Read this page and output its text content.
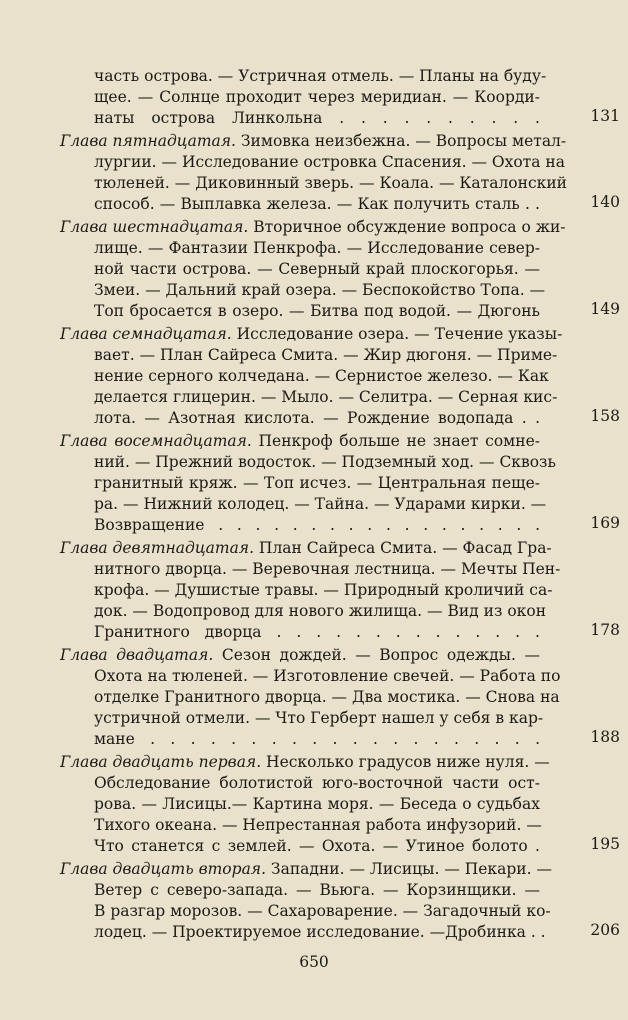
часть острова. — Устричная отмель. — Планы на буду-
щее. — Солнце проходит через меридиан. — Коорди-
наты острова Линкольна . . . . . . . . . .	131
Глава пятнадцатая. Зимовка неизбежна. — Вопросы метал-
лургии. — Исследование островка Спасения. — Охота на
тюленей. — Диковинный зверь. — Коала. — Каталонский
способ. — Выплавка железа. — Как получить сталь . .	140
Глава шестнадцатая. Вторичное обсуждение вопроса о жи-
лище. — Фантазии Пенкрофа. — Исследование север-
ной части острова. — Северный край плоскогорья. —
Змеи. — Дальний край озера. — Беспокойство Топа. —
Топ бросается в озеро. — Битва под водой. — Дюгонь	149
Глава семнадцатая. Исследование озера. — Течение указы-
вает. — План Сайреса Смита. — Жир дюгоня. — Приме-
нение серного колчедана. — Сернистое железо. — Как
делается глицерин. — Мыло. — Селитра. — Серная кис-
лота. — Азотная кислота. — Рождение водопада . .	158
Глава восемнадцатая. Пенкроф больше не знает сомне-
ний. — Прежний водосток. — Подземный ход. — Сквозь
гранитный кряж. — Топ исчез. — Центральная пеще-
ра. — Нижний колодец. — Тайна. — Ударами кирки. —
Возвращение . . . . . . . . . . . . . . . . . .	169
Глава девятнадцатая. План Сайреса Смита. — Фасад Гра-
нитного дворца. — Веревочная лестница. — Мечты Пен-
крофа. — Душистые травы. — Природный кроличий са-
док. — Водопровод для нового жилища. — Вид из окон
Гранитного дворца . . . . . . . . . . . . . .	178
Глава двадцатая. Сезон дождей. — Вопрос одежды. —
Охота на тюленей. — Изготовление свечей. — Работа по
отделке Гранитного дворца. — Два мостика. — Снова на
устричной отмели. — Что Герберт нашел у себя в кар-
мане . . . . . . . . . . . . . . . . . . . .	188
Глава двадцать первая. Несколько градусов ниже нуля. —
Обследование болотистой юго-восточной части ост-
рова. — Лисицы.— Картина моря. — Беседа о судьбах
Тихого океана. — Непрестанная работа инфузорий. —
Что станется с землей. — Охота. — Утиное болото .	195
Глава двадцать вторая. Западни. — Лисицы. — Пекари. —
Ветер с северо-запада. — Вьюга. — Корзинщики. —
В разгар морозов. — Сахароварение. — Загадочный ко-
лодец. — Проектируемое исследование. —Дробинка . .	206
650
